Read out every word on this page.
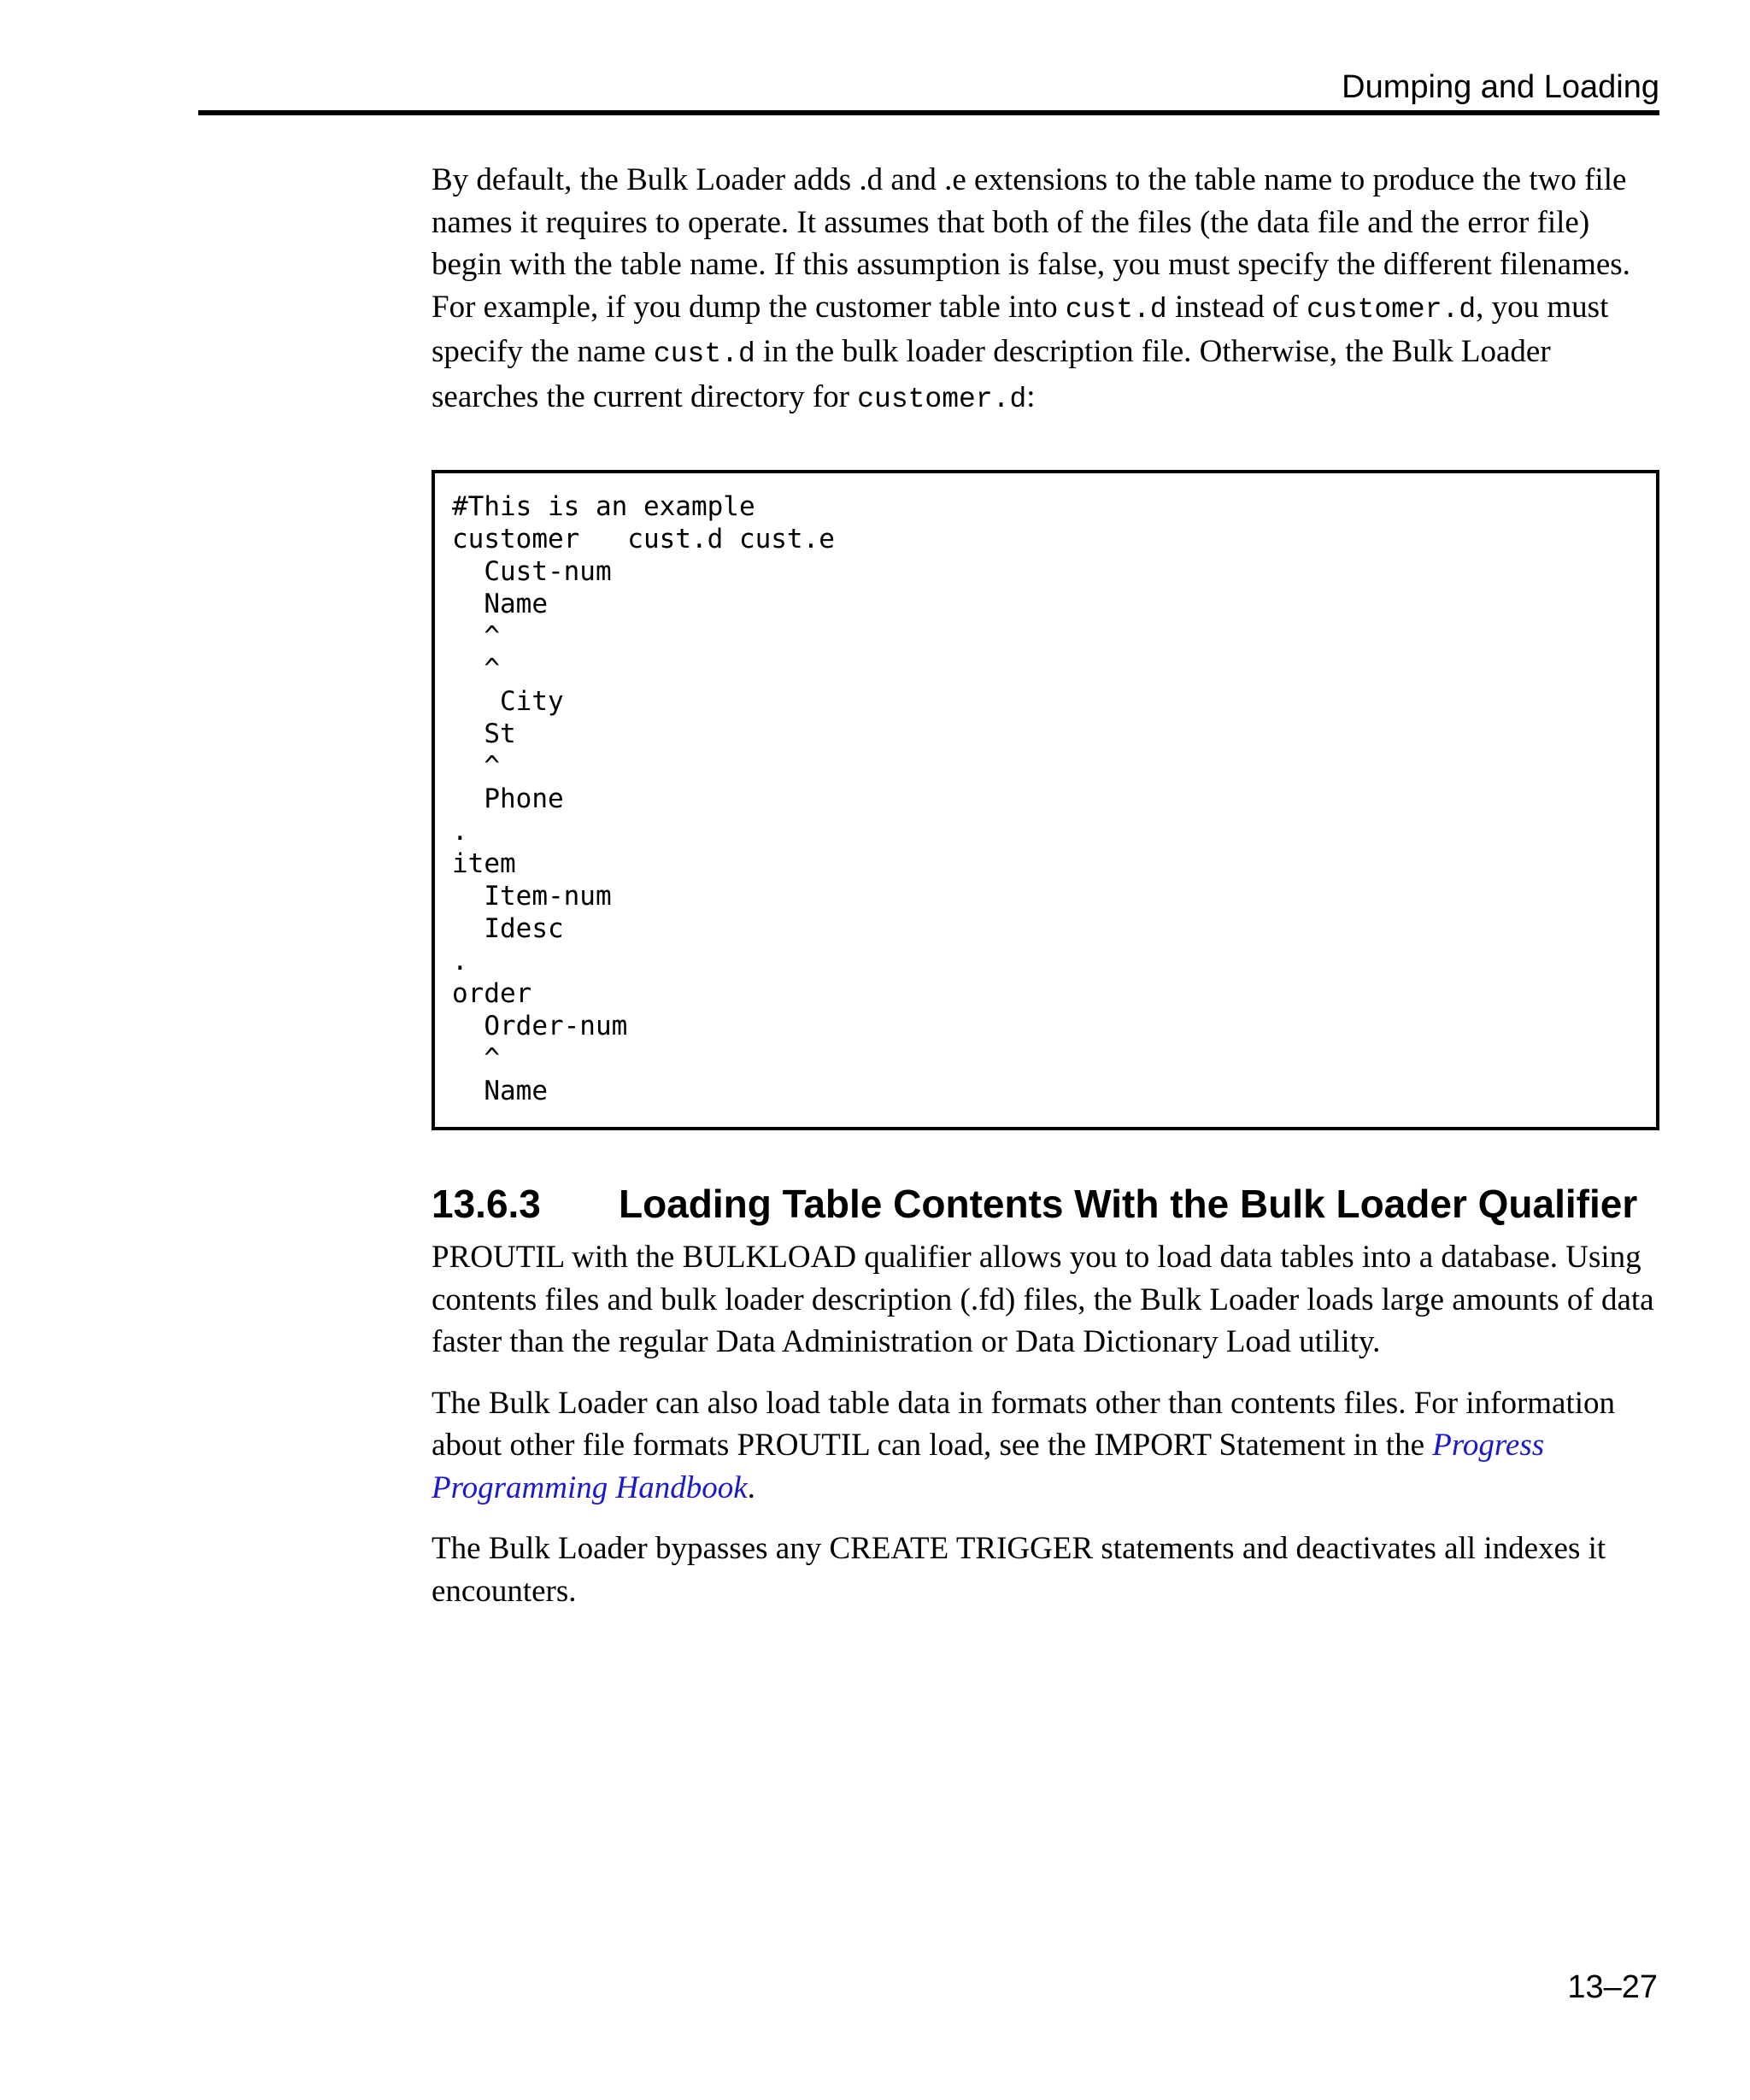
Dumping and Loading

By default, the Bulk Loader adds .d and .e extensions to the table name to produce the two file names it requires to operate. It assumes that both of the files (the data file and the error file) begin with the table name. If this assumption is false, you must specify the different filenames. For example, if you dump the customer table into cust.d instead of customer.d, you must specify the name cust.d in the bulk loader description file. Otherwise, the Bulk Loader searches the current directory for customer.d:

#This is an example
customer   cust.d cust.e
Cust-num
Name
^
^
City
St
^
Phone
.
item
Item-num
Idesc
.
order
Order-num
^
Name
13.6.3	Loading Table Contents With the Bulk Loader Qualifier

PROUTIL with the BULKLOAD qualifier allows you to load data tables into a database. Using contents files and bulk loader description (.fd) files, the Bulk Loader loads large amounts of data faster than the regular Data Administration or Data Dictionary Load utility.

The Bulk Loader can also load table data in formats other than contents files. For information about other file formats PROUTIL can load, see the IMPORT Statement in the Progress Programming Handbook.

The Bulk Loader bypasses any CREATE TRIGGER statements and deactivates all indexes it encounters.

13–27
